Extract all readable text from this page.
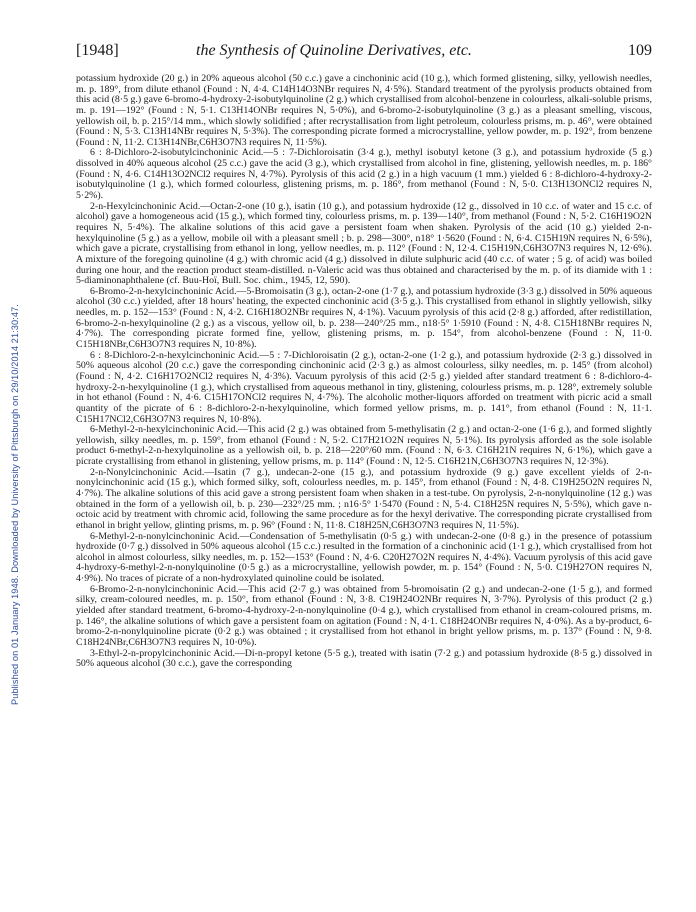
Published on 01 January 1948. Downloaded by University of Pittsburgh on 29/10/2014 21:30:47.
[1948]	the Synthesis of Quinoline Derivatives, etc.	109

potassium hydroxide (20 g.) in 20% aqueous alcohol (50 c.c.) gave a cinchoninic acid (10 g.), which formed glistening, silky, yellowish needles, m. p. 189°, from dilute ethanol (Found : N, 4·4. C14H14O3NBr requires N, 4·5%). Standard treatment of the pyrolysis products obtained from this acid (8·5 g.) gave 6-bromo-4-hydroxy-2-isobutylquinoline (2 g.) which crystallised from alcohol-benzene in colourless, alkali-soluble prisms, m. p. 191—192° (Found : N, 5·1. C13H14ONBr requires N, 5·0%), and 6-bromo-2-isobutylquinoline (3 g.) as a pleasant smelling, viscous, yellowish oil, b. p. 215°/14 mm., which slowly solidified ; after recrystallisation from light petroleum, colourless prisms, m. p. 46°, were obtained (Found : N, 5·3. C13H14NBr requires N, 5·3%). The corresponding picrate formed a microcrystalline, yellow powder, m. p. 192°, from benzene (Found : N, 11·2. C13H14NBr,C6H3O7N3 requires N, 11·5%).

6 : 8-Dichloro-2-isobutylcinchoninic Acid.—5 : 7-Dichloroisatin (3·4 g.), methyl isobutyl ketone (3 g.), and potassium hydroxide (5 g.) dissolved in 40% aqueous alcohol (25 c.c.) gave the acid (3 g.), which crystallised from alcohol in fine, glistening, yellowish needles, m. p. 186° (Found : N, 4·6. C14H13O2NCl2 requires N, 4·7%). Pyrolysis of this acid (2 g.) in a high vacuum (1 mm.) yielded 6 : 8-dichloro-4-hydroxy-2-isobutylquinoline (1 g.), which formed colourless, glistening prisms, m. p. 186°, from methanol (Found : N, 5·0. C13H13ONCl2 requires N, 5·2%).

2-n-Hexylcinchoninic Acid.—Octan-2-one (10 g.), isatin (10 g.), and potassium hydroxide (12 g., dissolved in 10 c.c. of water and 15 c.c. of alcohol) gave a homogeneous acid (15 g.), which formed tiny, colourless prisms, m. p. 139—140°, from methanol (Found : N, 5·2. C16H19O2N requires N, 5·4%). The alkaline solutions of this acid gave a persistent foam when shaken. Pyrolysis of the acid (10 g.) yielded 2-n-hexylquinoline (5 g.) as a yellow, mobile oil with a pleasant smell ; b. p. 298—300°, n18° 1·5620 (Found : N, 6·4. C15H19N requires N, 6·5%), which gave a picrate, crystallising from ethanol in long, yellow needles, m. p. 112° (Found : N, 12·4. C15H19N,C6H3O7N3 requires N, 12·6%). A mixture of the foregoing quinoline (4 g.) with chromic acid (4 g.) dissolved in dilute sulphuric acid (40 c.c. of water ; 5 g. of acid) was boiled during one hour, and the reaction product steam-distilled. n-Valeric acid was thus obtained and characterised by the m. p. of its diamide with 1 : 5-diaminonaphthalene (cf. Buu-Hoï, Bull. Soc. chim., 1945, 12, 590).

6-Bromo-2-n-hexylcinchoninic Acid.—5-Bromoisatin (3 g.), octan-2-one (1·7 g.), and potassium hydroxide (3·3 g.) dissolved in 50% aqueous alcohol (30 c.c.) yielded, after 18 hours' heating, the expected cinchoninic acid (3·5 g.). This crystallised from ethanol in slightly yellowish, silky needles, m. p. 152—153° (Found : N, 4·2. C16H18O2NBr requires N, 4·1%). Vacuum pyrolysis of this acid (2·8 g.) afforded, after redistillation, 6-bromo-2-n-hexylquinoline (2 g.) as a viscous, yellow oil, b. p. 238—240°/25 mm., n18·5° 1·5910 (Found : N, 4·8. C15H18NBr requires N, 4·7%). The corresponding picrate formed fine, yellow, glistening prisms, m. p. 154°, from alcohol-benzene (Found : N, 11·0. C15H18NBr,C6H3O7N3 requires N, 10·8%).

6 : 8-Dichloro-2-n-hexylcinchoninic Acid.—5 : 7-Dichloroisatin (2 g.), octan-2-one (1·2 g.), and potassium hydroxide (2·3 g.) dissolved in 50% aqueous alcohol (20 c.c.) gave the corresponding cinchoninic acid (2·3 g.) as almost colourless, silky needles, m. p. 145° (from alcohol) (Found : N, 4·2. C16H17O2NCl2 requires N, 4·3%). Vacuum pyrolysis of this acid (2·5 g.) yielded after standard treatment 6 : 8-dichloro-4-hydroxy-2-n-hexylquinoline (1 g.), which crystallised from aqueous methanol in tiny, glistening, colourless prisms, m. p. 128°, extremely soluble in hot ethanol (Found : N, 4·6. C15H17ONCl2 requires N, 4·7%). The alcoholic mother-liquors afforded on treatment with picric acid a small quantity of the picrate of 6 : 8-dichloro-2-n-hexylquinoline, which formed yellow prisms, m. p. 141°, from ethanol (Found : N, 11·1. C15H17NCl2,C6H3O7N3 requires N, 10·8%).

6-Methyl-2-n-hexylcinchoninic Acid.—This acid (2 g.) was obtained from 5-methylisatin (2 g.) and octan-2-one (1·6 g.), and formed slightly yellowish, silky needles, m. p. 159°, from ethanol (Found : N, 5·2. C17H21O2N requires N, 5·1%). Its pyrolysis afforded as the sole isolable product 6-methyl-2-n-hexylquinoline as a yellowish oil, b. p. 218—220°/60 mm. (Found : N, 6·3. C16H21N requires N, 6·1%), which gave a picrate crystallising from ethanol in glistening, yellow prisms, m. p. 114° (Found : N, 12·5. C16H21N,C6H3O7N3 requires N, 12·3%).

2-n-Nonylcinchoninic Acid.—Isatin (7 g.), undecan-2-one (15 g.), and potassium hydroxide (9 g.) gave excellent yields of 2-n-nonylcinchoninic acid (15 g.), which formed silky, soft, colourless needles, m. p. 145°, from ethanol (Found : N, 4·8. C19H25O2N requires N, 4·7%). The alkaline solutions of this acid gave a strong persistent foam when shaken in a test-tube. On pyrolysis, 2-n-nonylquinoline (12 g.) was obtained in the form of a yellowish oil, b. p. 230—232°/25 mm. ; n16·5° 1·5470 (Found : N, 5·4. C18H25N requires N, 5·5%), which gave n-octoic acid by treatment with chromic acid, following the same procedure as for the hexyl derivative. The corresponding picrate crystallised from ethanol in bright yellow, glinting prisms, m. p. 96° (Found : N, 11·8. C18H25N,C6H3O7N3 requires N, 11·5%).

6-Methyl-2-n-nonylcinchoninic Acid.—Condensation of 5-methylisatin (0·5 g.) with undecan-2-one (0·8 g.) in the presence of potassium hydroxide (0·7 g.) dissolved in 50% aqueous alcohol (15 c.c.) resulted in the formation of a cinchoninic acid (1·1 g.), which crystallised from hot alcohol in almost colourless, silky needles, m. p. 152—153° (Found : N, 4·6. C20H27O2N requires N, 4·4%). Vacuum pyrolysis of this acid gave 4-hydroxy-6-methyl-2-n-nonylquinoline (0·5 g.) as a microcrystalline, yellowish powder, m. p. 154° (Found : N, 5·0. C19H27ON requires N, 4·9%). No traces of picrate of a non-hydroxylated quinoline could be isolated.

6-Bromo-2-n-nonylcinchoninic Acid.—This acid (2·7 g.) was obtained from 5-bromoisatin (2 g.) and undecan-2-one (1·5 g.), and formed silky, cream-coloured needles, m. p. 150°, from ethanol (Found : N, 3·8. C19H24O2NBr requires N, 3·7%). Pyrolysis of this product (2 g.) yielded after standard treatment, 6-bromo-4-hydroxy-2-n-nonylquinoline (0·4 g.), which crystallised from ethanol in cream-coloured prisms, m. p. 146°, the alkaline solutions of which gave a persistent foam on agitation (Found : N, 4·1. C18H24ONBr requires N, 4·0%). As a by-product, 6-bromo-2-n-nonylquinoline picrate (0·2 g.) was obtained ; it crystallised from hot ethanol in bright yellow prisms, m. p. 137° (Found : N, 9·8. C18H24NBr,C6H3O7N3 requires N, 10·0%).

3-Ethyl-2-n-propylcinchoninic Acid.—Di-n-propyl ketone (5·5 g.), treated with isatin (7·2 g.) and potassium hydroxide (8·5 g.) dissolved in 50% aqueous alcohol (30 c.c.), gave the corresponding
